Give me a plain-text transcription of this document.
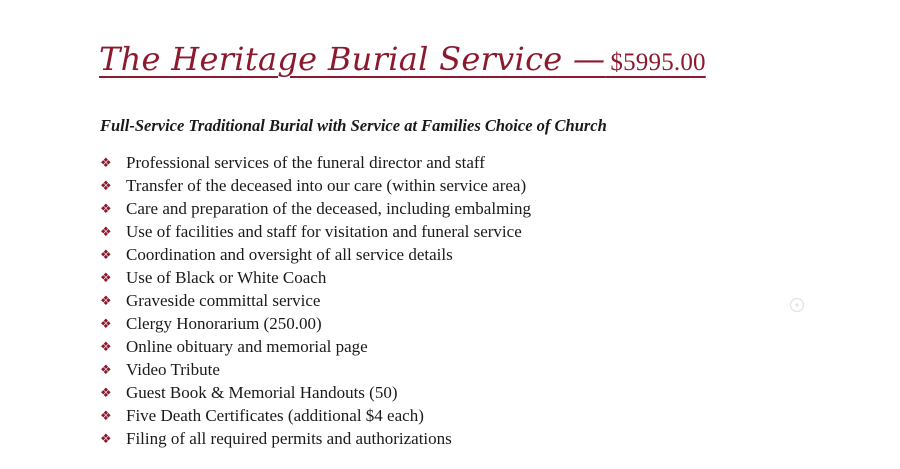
The Heritage Burial Service — $5995.00
Full-Service Traditional Burial with Service at Families Choice of Church
❖ Professional services of the funeral director and staff
❖ Transfer of the deceased into our care (within service area)
❖ Care and preparation of the deceased, including embalming
❖ Use of facilities and staff for visitation and funeral service
❖ Coordination and oversight of all service details
❖ Use of Black or White Coach
❖ Graveside committal service
❖ Clergy Honorarium (250.00)
❖ Online obituary and memorial page
❖ Video Tribute
❖ Guest Book & Memorial Handouts (50)
❖ Five Death Certificates (additional $4 each)
❖ Filing of all required permits and authorizations
